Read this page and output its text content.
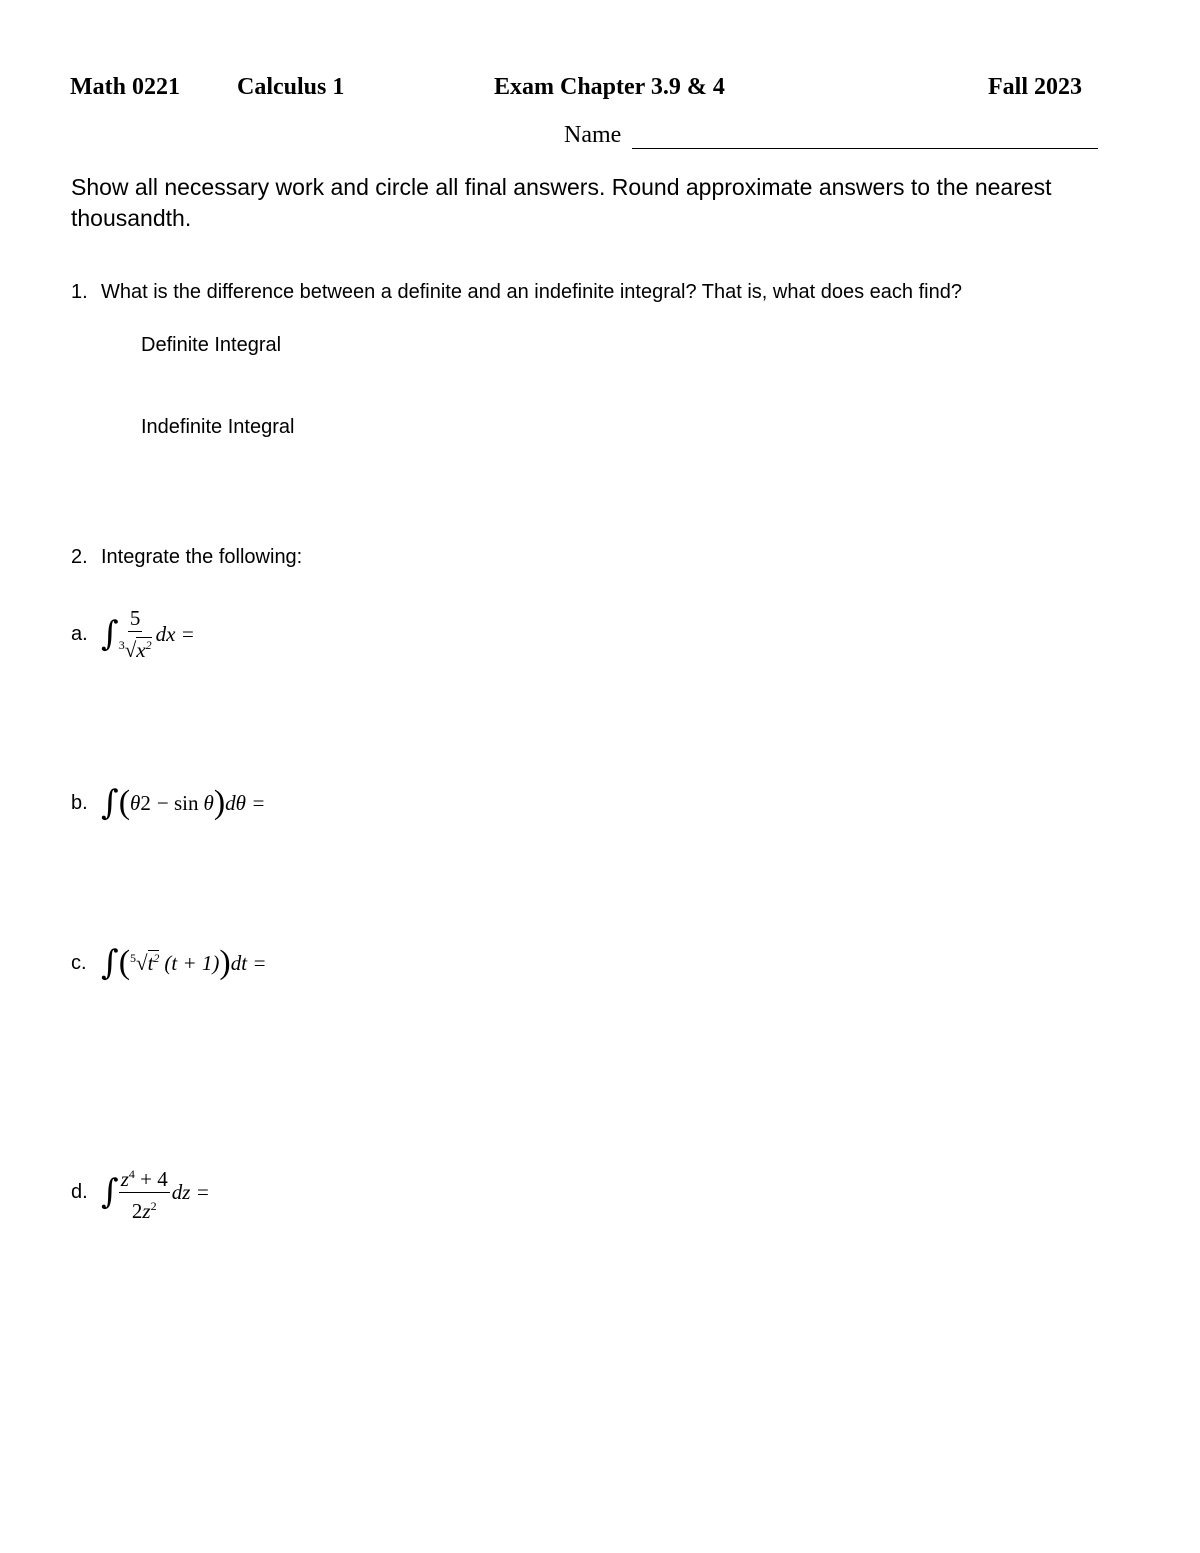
Math 0221 Calculus 1	Exam Chapter 3.9 & 4	Fall 2023
Name
Show all necessary work and circle all final answers. Round approximate answers to the nearest thousandth.
1. What is the difference between a definite and an indefinite integral? That is, what does each find?
Definite Integral
Indefinite Integral
2. Integrate the following:
a. ∫ $\frac{5}{^3√x^2}$ dx =
b. ∫ ( θ 2 − sin θ ) dθ =
c. ∫ ( $^5√t^2$ (t + 1) ) dt =
d. ∫ $\frac{z^4 + 4}{2z^2}$ dz =
